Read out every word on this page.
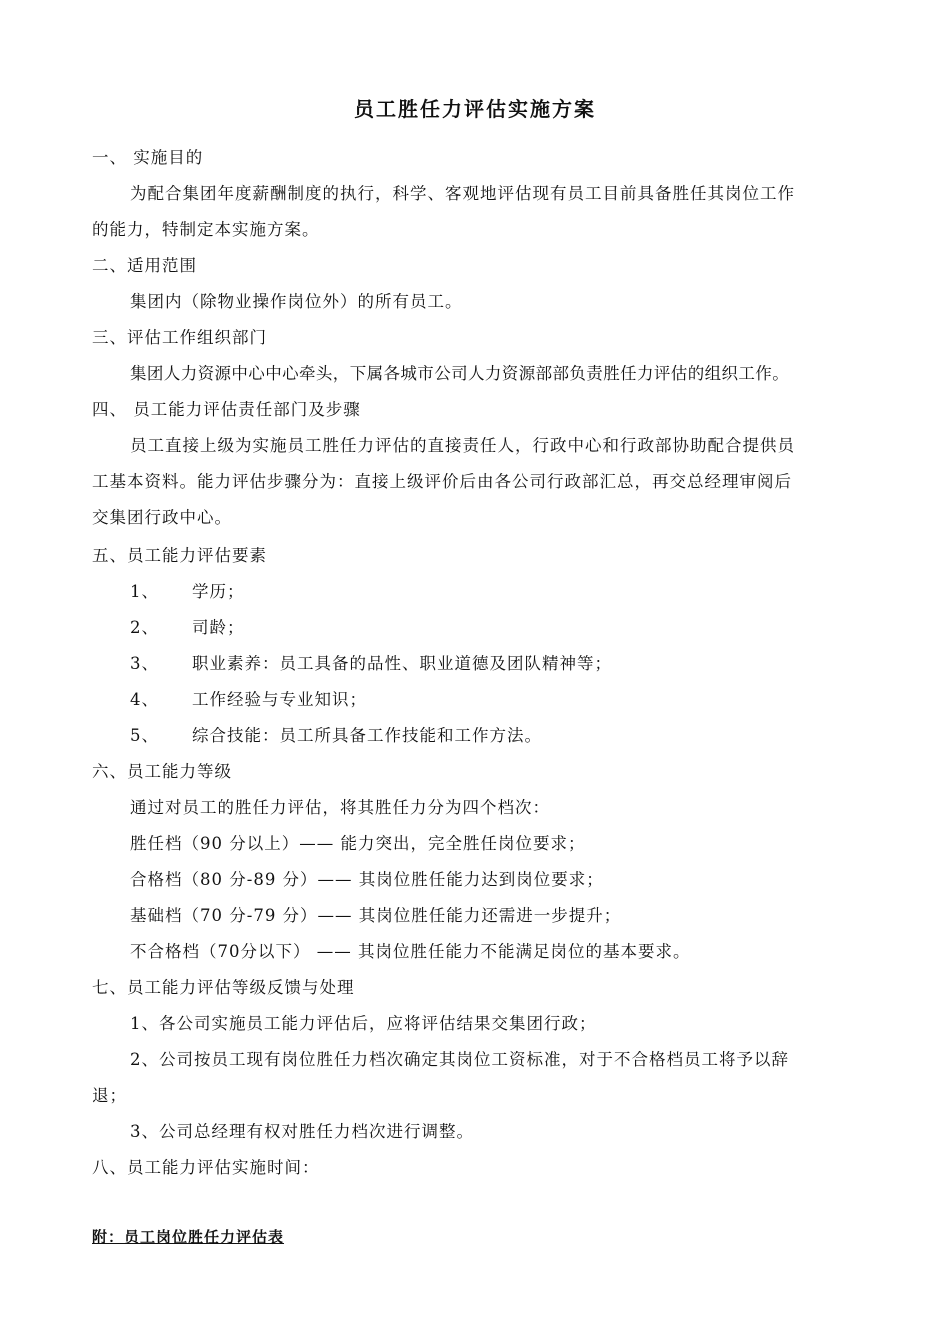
员工胜任力评估实施方案
一、 实施目的
为配合集团年度薪酬制度的执行，科学、客观地评估现有员工目前具备胜任其岗位工作
的能力，特制定本实施方案。
二、适用范围
集团内（除物业操作岗位外）的所有员工。
三、评估工作组织部门
集团人力资源中心中心牵头，下属各城市公司人力资源部部负责胜任力评估的组织工作。
四、 员工能力评估责任部门及步骤
员工直接上级为实施员工胜任力评估的直接责任人，行政中心和行政部协助配合提供员
工基本资料。能力评估步骤分为：直接上级评价后由各公司行政部汇总，再交总经理审阅后
交集团行政中心。
五、员工能力评估要素
1、 学历；
2、 司龄；
3、 职业素养：员工具备的品性、职业道德及团队精神等；
4、 工作经验与专业知识；
5、 综合技能：员工所具备工作技能和工作方法。
六、员工能力等级
通过对员工的胜任力评估，将其胜任力分为四个档次：
胜任档（90 分以上）—— 能力突出，完全胜任岗位要求；
合格档（80 分-89 分）—— 其岗位胜任能力达到岗位要求；
基础档（70 分-79 分）—— 其岗位胜任能力还需进一步提升；
不合格档（70分以下） —— 其岗位胜任能力不能满足岗位的基本要求。
七、员工能力评估等级反馈与处理
1、各公司实施员工能力评估后，应将评估结果交集团行政；
2、公司按员工现有岗位胜任力档次确定其岗位工资标准，对于不合格档员工将予以辞
退；
3、公司总经理有权对胜任力档次进行调整。
八、员工能力评估实施时间：
附：员工岗位胜任力评估表
